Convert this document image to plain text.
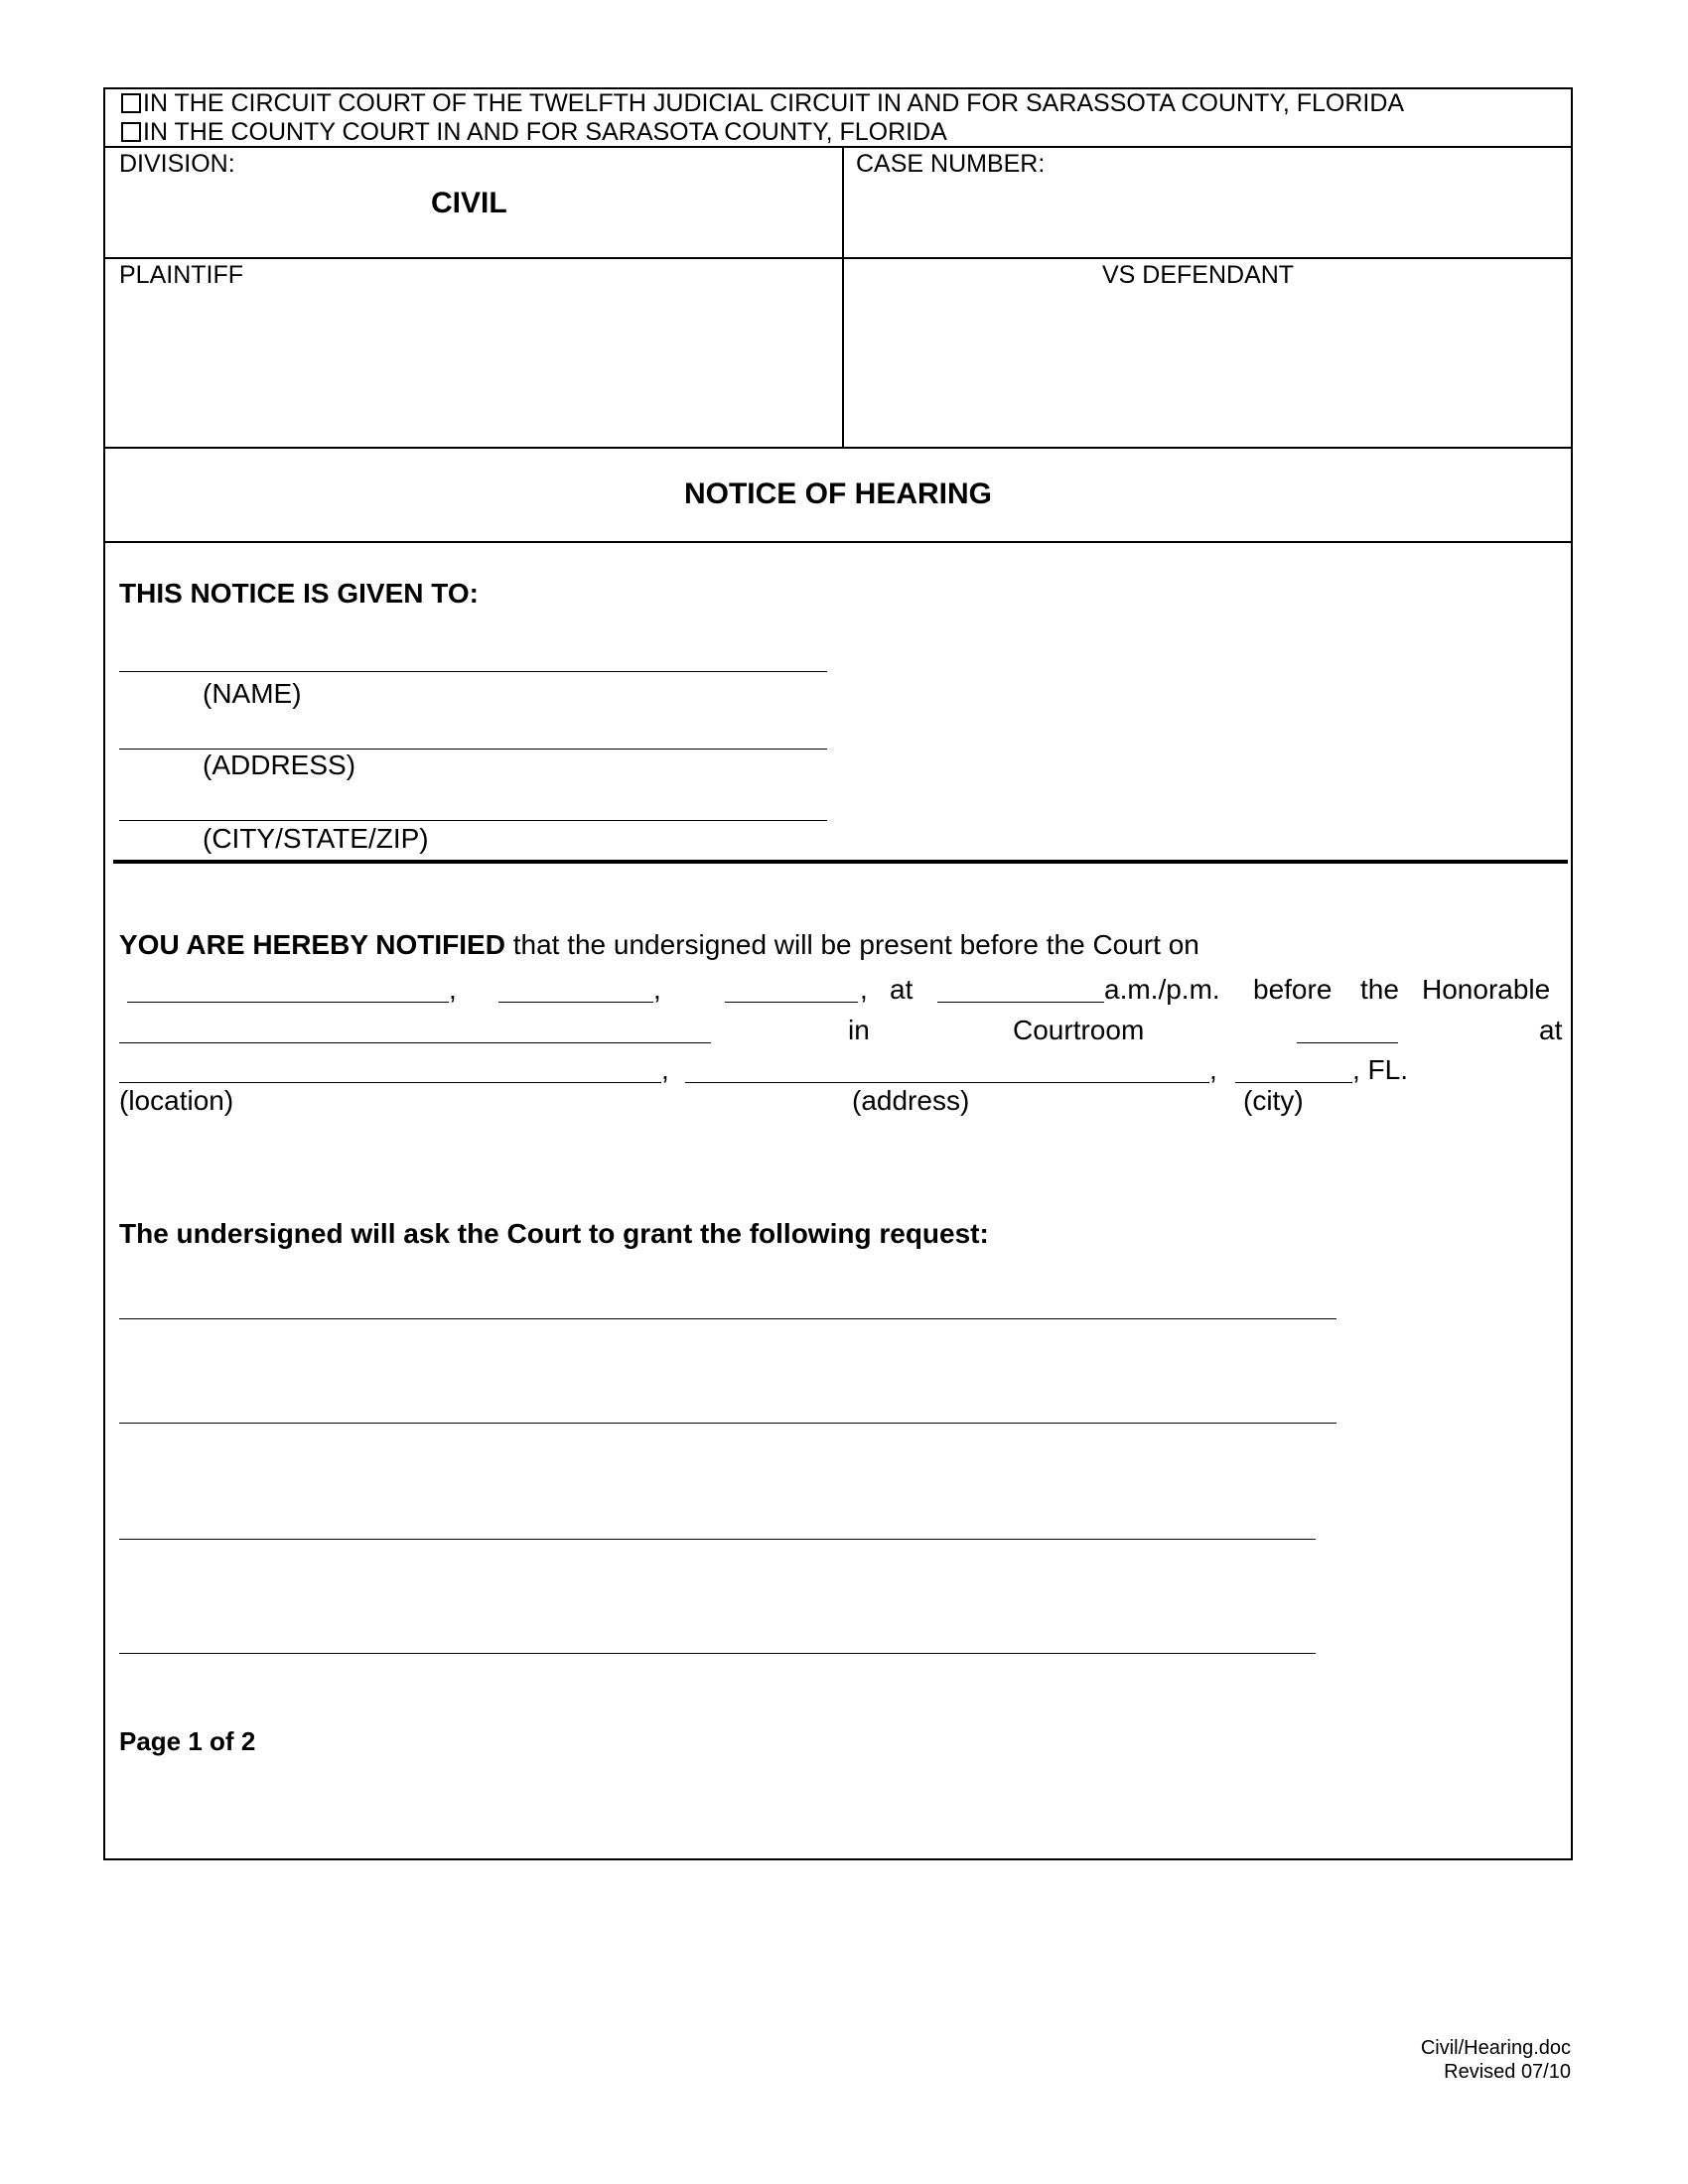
IN THE CIRCUIT COURT OF THE TWELFTH JUDICIAL CIRCUIT IN AND FOR SARASSOTA COUNTY, FLORIDA
IN THE COUNTY COURT IN AND FOR SARASOTA COUNTY, FLORIDA
DIVISION:
CIVIL
CASE NUMBER:
PLAINTIFF	VS DEFENDANT
NOTICE OF HEARING
THIS NOTICE IS GIVEN TO:
(NAME)
(ADDRESS)
(CITY/STATE/ZIP)
YOU ARE HEREBY NOTIFIED that the undersigned will be present before the Court on
,	,	, at	a.m./p.m. before the Honorable
in	Courtroom	at
,	,	, FL.
(location)	(address)	(city)
The undersigned will ask the Court to grant the following request:
Page 1 of 2
Civil/Hearing.doc
Revised 07/10
